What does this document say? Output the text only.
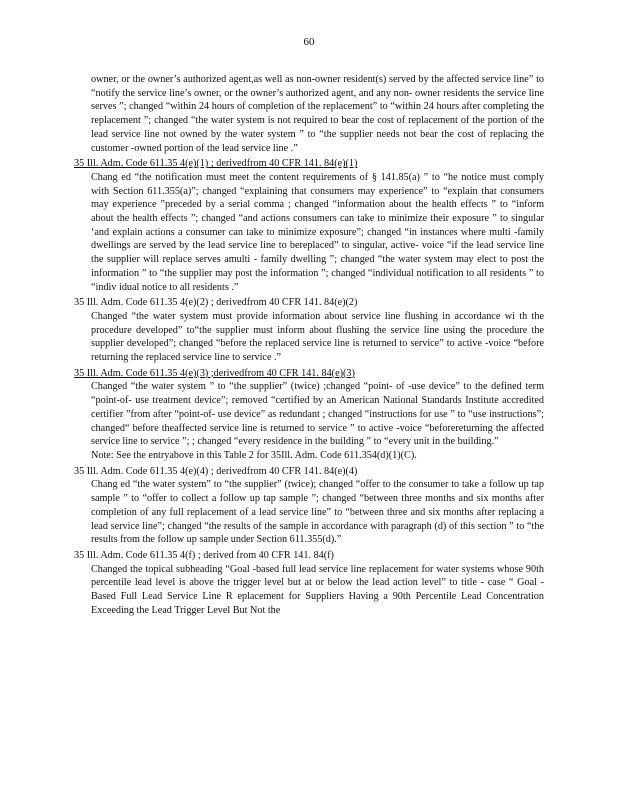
60

owner, or the owner’s authorized agent,as well as non-owner resident(s) served by the affected service line” to “notify the service line’s owner, or the owner’s authorized agent, and any non- owner residents the service line serves ”; changed “within 24 hours of completion of the replacement” to “within 24 hours after completing the replacement ”; changed “the water system is not required to bear the cost of replacement of the portion of the lead service line not owned by the water system ” to “the supplier needs not bear the cost of replacing the customer -owned portion of the lead service line .”

35 Ill. Adm. Code 611.35 4(e)(1) ; derivedfrom 40 CFR 141. 84(e)(1)

Chang ed “the notification must meet the content requirements of § 141.85(a) ” to “he notice must comply with Section 611.355(a)”; changed “explaining that consumers may experience” to “explain that consumers may experience ”preceded by a serial comma ; changed “information about the health effects ” to “inform about the health effects ”; changed “and actions consumers can take to minimize their exposure ” to singular ‘and explain actions a consumer can take to minimize exposure”; changed “in instances where multi -family dwellings are served by the lead service line to bereplaced” to singular, active- voice “if the lead service line the supplier will replace serves amulti - family dwelling ”; changed “the water system may elect to post the information ” to “the supplier may post the information ”; changed “individual notification to all residents ” to “indiv idual notice to all residents .”

35 Ill. Adm. Code 611.35 4(e)(2) ; derivedfrom 40 CFR 141. 84(e)(2)

Changed “the water system must provide information about service line flushing in accordance wi th the procedure developed” to“the supplier must inform about flushing the service line using the procedure the supplier developed”; changed “before the replaced service line is returned to service” to active -voice “before returning the replaced service line to service .”

35 Ill. Adm. Code 611.35 4(e)(3) ;derivedfrom 40 CFR 141. 84(e)(3)

Changed “the water system ” to “the supplier” (twice) ;changed “point- of -use device” to the defined term “point-of- use treatment device”; removed “certified by an American National Standards Institute accredited certifier ”from after “point-of- use device” as redundant ; changed “instructions for use ” to “use instructions”; changed“ before theaffected service line is returned to service ” to active -voice “beforereturning the affected service line to service ”; ; changed “every residence in the building ” to “every unit in the building.”

Note: See the entryabove in this Table 2 for 35Ill. Adm. Code 611.354(d)(1)(C).

35 Ill. Adm. Code 611.35 4(e)(4) ; derivedfrom 40 CFR 141. 84(e)(4)

Chang ed “the water system” to “the supplier” (twice); changed “offer to the consumer to take a follow up tap sample ” to “offer to collect a follow up tap sample ”; changed “between three months and six months after completion of any full replacement of a lead service line” to “between three and six months after replacing a lead service line”; changed “the results of the sample in accordance with paragraph (d) of this section ” to “the results from the follow up sample under Section 611.355(d).”

35 Ill. Adm. Code 611.35 4(f) ; derived from 40 CFR 141. 84(f)

Changed the topical subheading “Goal -based full lead service line replacement for water systems whose 90th percentile lead level is above the trigger level but at or below the lead action level” to title - case “ Goal -Based Full Lead Service Line R eplacement for Suppliers Having a 90th Percentile Lead Concentration Exceeding the Lead Trigger Level But Not the
